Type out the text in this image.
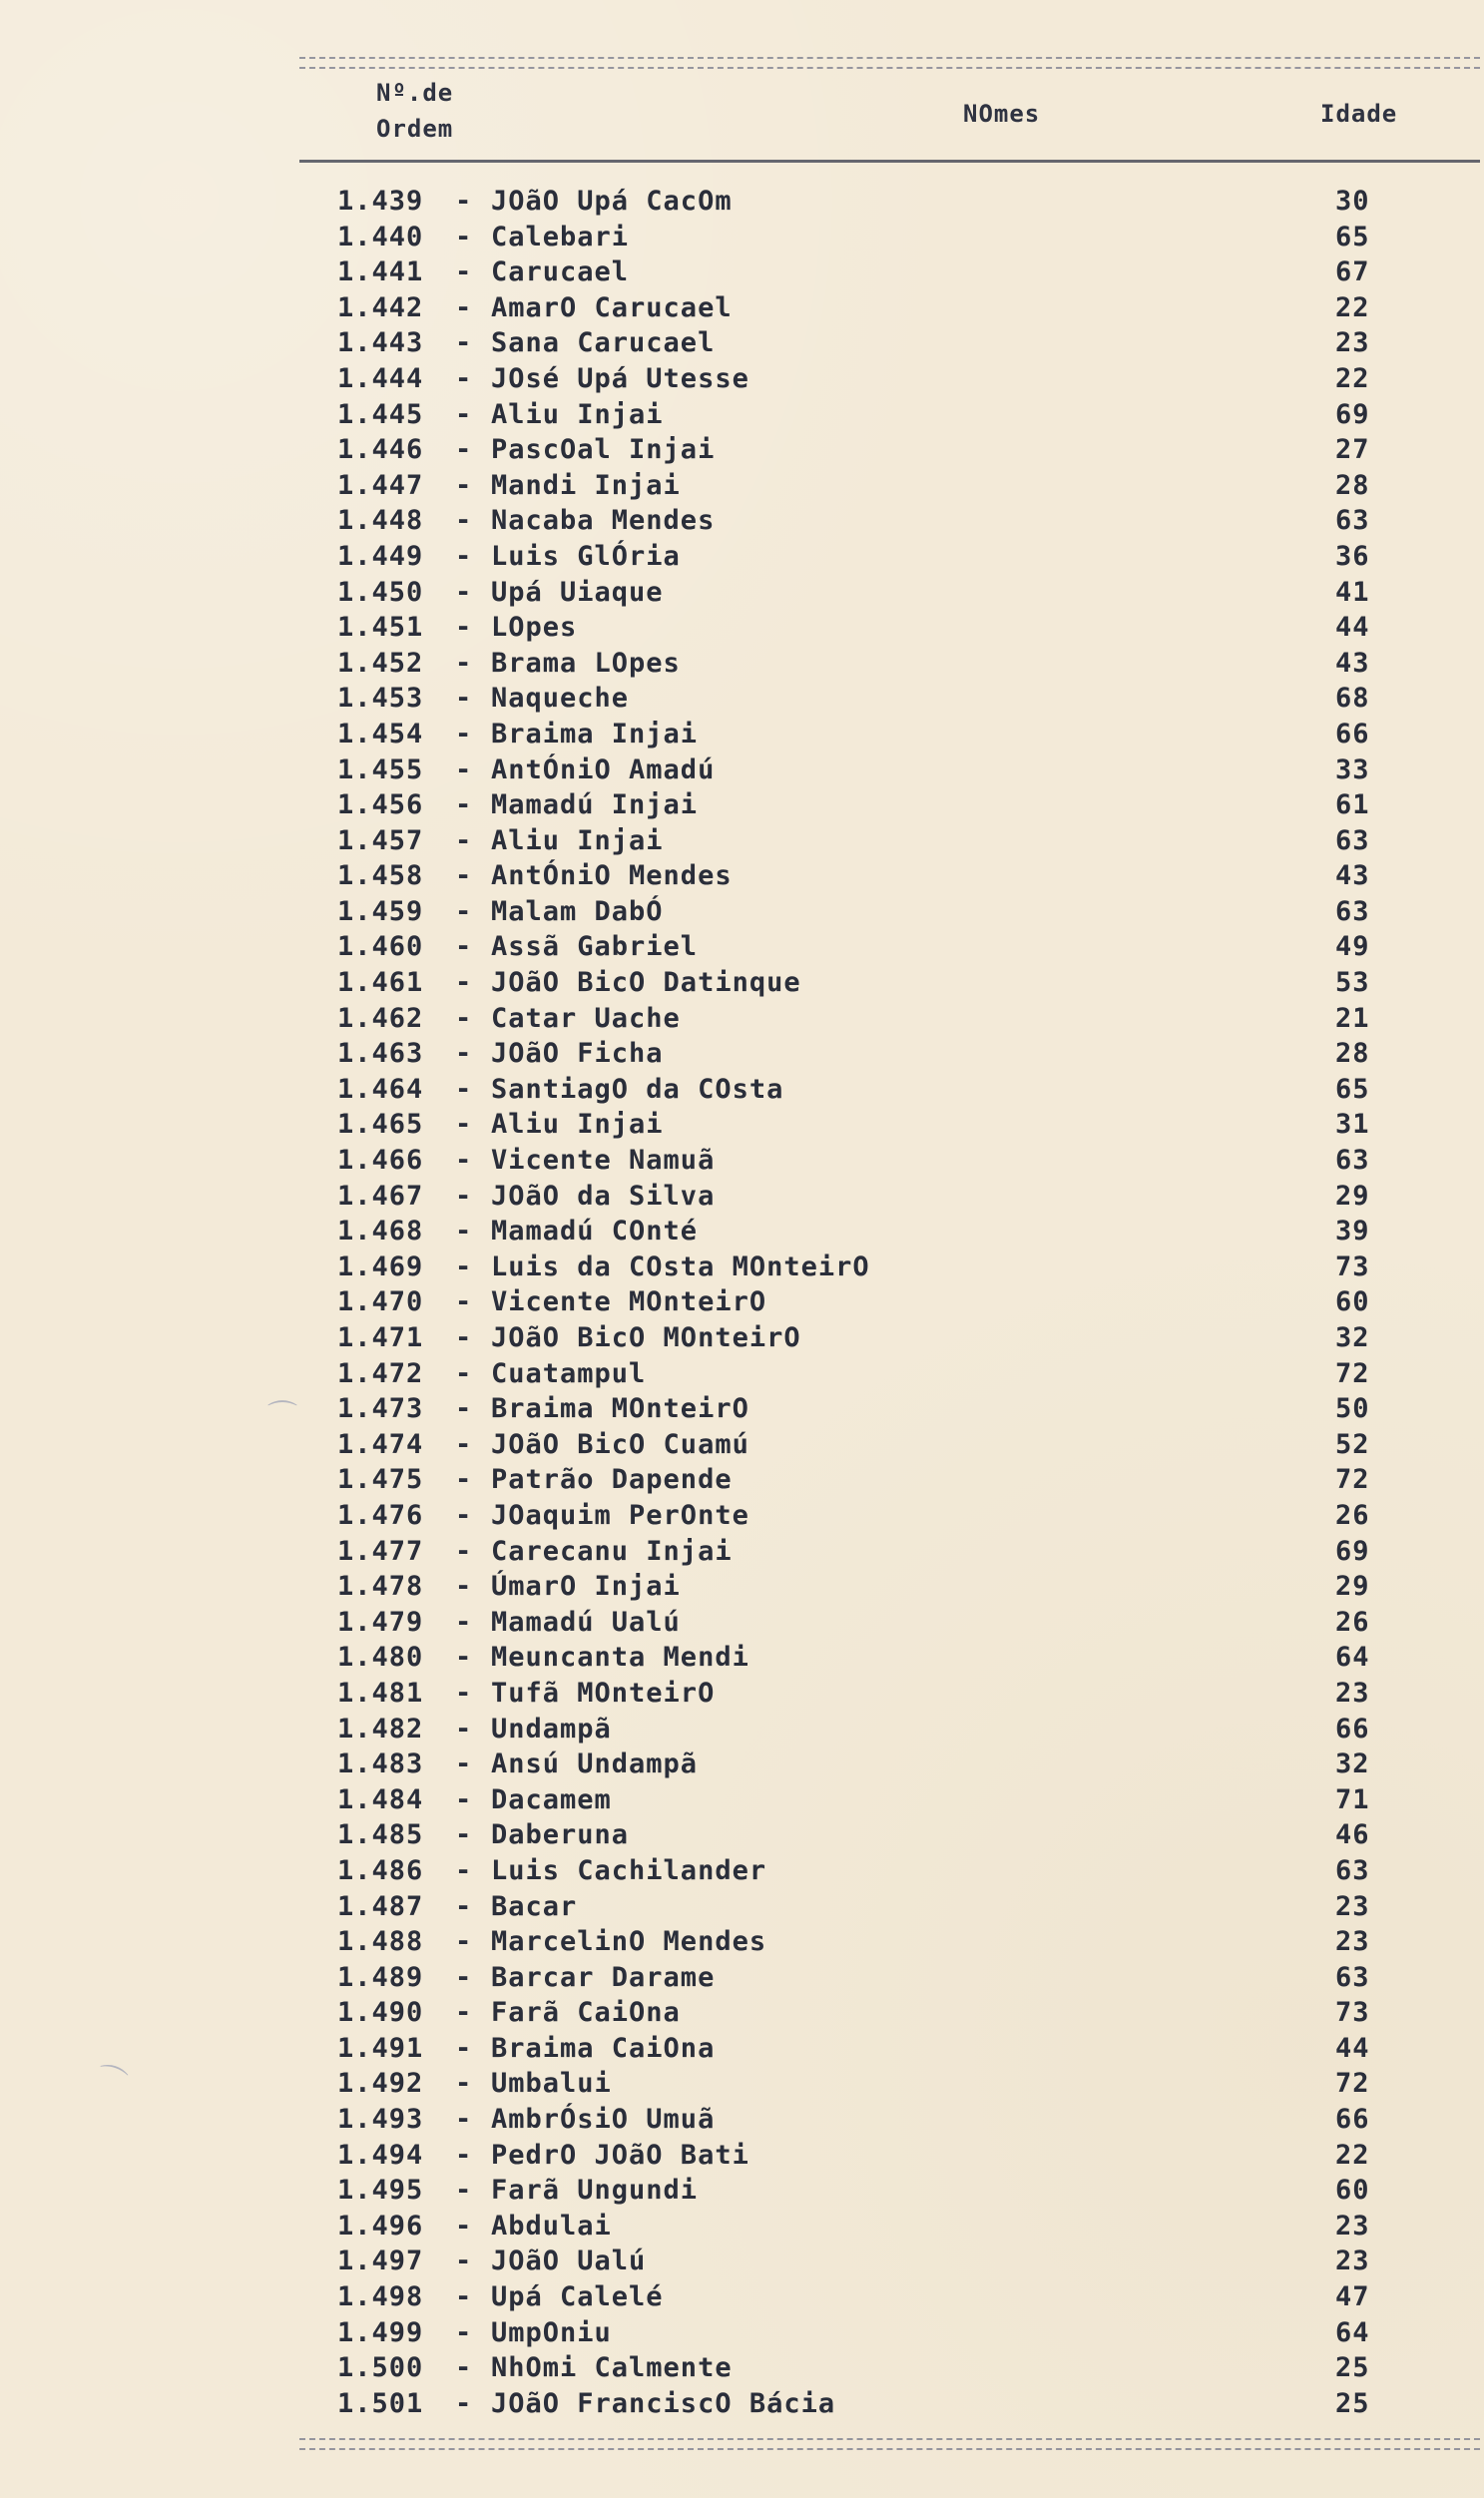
Nº.de
Ordem
NOmes	Idade
1.439 - JOãO Upá CacOm	30
1.440 - Calebari	65
1.441 - Carucael	67
1.442 - AmarO Carucael	22
1.443 - Sana Carucael	23
1.444 - JOsé Upá Utesse	22
1.445 - Aliu Injai	69
1.446 - PascOal Injai	27
1.447 - Mandi Injai	28
1.448 - Nacaba Mendes	63
1.449 - Luis GlÓria	36
1.450 - Upá Uiaque	41
1.451 - LOpes	44
1.452 - Brama LOpes	43
1.453 - Naqueche	68
1.454 - Braima Injai	66
1.455 - AntÓniO Amadú	33
1.456 - Mamadú Injai	61
1.457 - Aliu Injai	63
1.458 - AntÓniO Mendes	43
1.459 - Malam DabÓ	63
1.460 - Assã Gabriel	49
1.461 - JOãO BicO Datinque	53
1.462 - Catar Uache	21
1.463 - JOãO Ficha	28
1.464 - SantiagO da COsta	65
1.465 - Aliu Injai	31
1.466 - Vicente Namuã	63
1.467 - JOãO da Silva	29
1.468 - Mamadú COnté	39
1.469 - Luis da COsta MOnteirO	73
1.470 - Vicente MOnteirO	60
1.471 - JOãO BicO MOnteirO	32
1.472 - Cuatampul	72
1.473 - Braima MOnteirO	50
1.474 - JOãO BicO Cuamú	52
1.475 - Patrão Dapende	72
1.476 - JOaquim PerOnte	26
1.477 - Carecanu Injai	69
1.478 - ÚmarO Injai	29
1.479 - Mamadú Ualú	26
1.480 - Meuncanta Mendi	64
1.481 - Tufã MOnteirO	23
1.482 - Undampã	66
1.483 - Ansú Undampã	32
1.484 - Dacamem	71
1.485 - Daberuna	46
1.486 - Luis Cachilander	63
1.487 - Bacar	23
1.488 - MarcelinO Mendes	23
1.489 - Barcar Darame	63
1.490 - Farã CaiOna	73
1.491 - Braima CaiOna	44
1.492 - Umbalui	72
1.493 - AmbrÓsiO Umuã	66
1.494 - PedrO JOãO Bati	22
1.495 - Farã Ungundi	60
1.496 - Abdulai	23
1.497 - JOãO Ualú	23
1.498 - Upá Calelé	47
1.499 - UmpOniu	64
1.500 - NhOmi Calmente	25
1.501 - JOãO FranciscO Bácia	25
⌒
⌒
